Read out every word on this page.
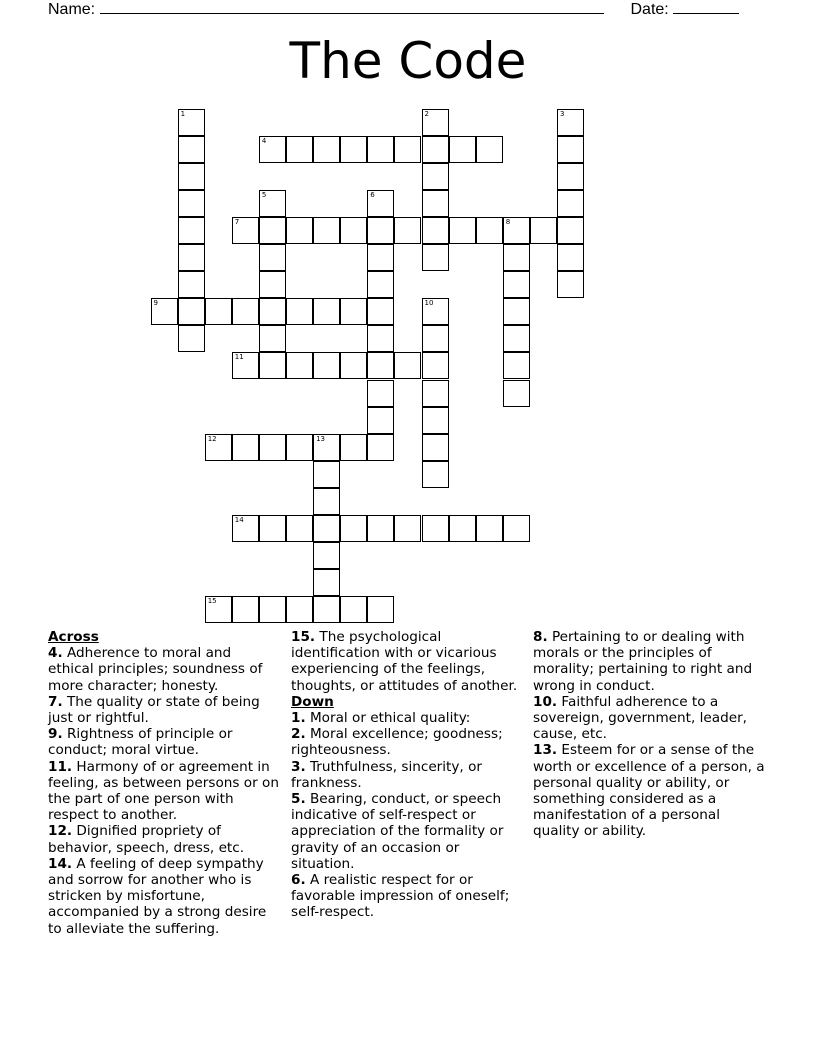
Name:	Date:
The Code
1	2	3
4
5	6
7	8
9	10
11
12	13
14
15
Across

4. Adherence to moral and ethical principles; soundness of more character; honesty.

7. The quality or state of being just or rightful.

9. Rightness of principle or conduct; moral virtue.

11. Harmony of or agreement in feeling, as between persons or on the part of one person with respect to another.

12. Dignified propriety of behavior, speech, dress, etc.

14. A feeling of deep sympathy and sorrow for another who is stricken by misfortune, accompanied by a strong desire to alleviate the suffering.

15. The psychological identification with or vicarious experiencing of the feelings, thoughts, or attitudes of another.

Down

1. Moral or ethical quality:

2. Moral excellence; goodness; righteousness.

3. Truthfulness, sincerity, or frankness.

5. Bearing, conduct, or speech indicative of self-respect or appreciation of the formality or gravity of an occasion or situation.

6. A realistic respect for or favorable impression of oneself; self-respect.

8. Pertaining to or dealing with morals or the principles of morality; pertaining to right and wrong in conduct.

10. Faithful adherence to a sovereign, government, leader, cause, etc.

13. Esteem for or a sense of the worth or excellence of a person, a personal quality or ability, or something considered as a manifestation of a personal quality or ability.
